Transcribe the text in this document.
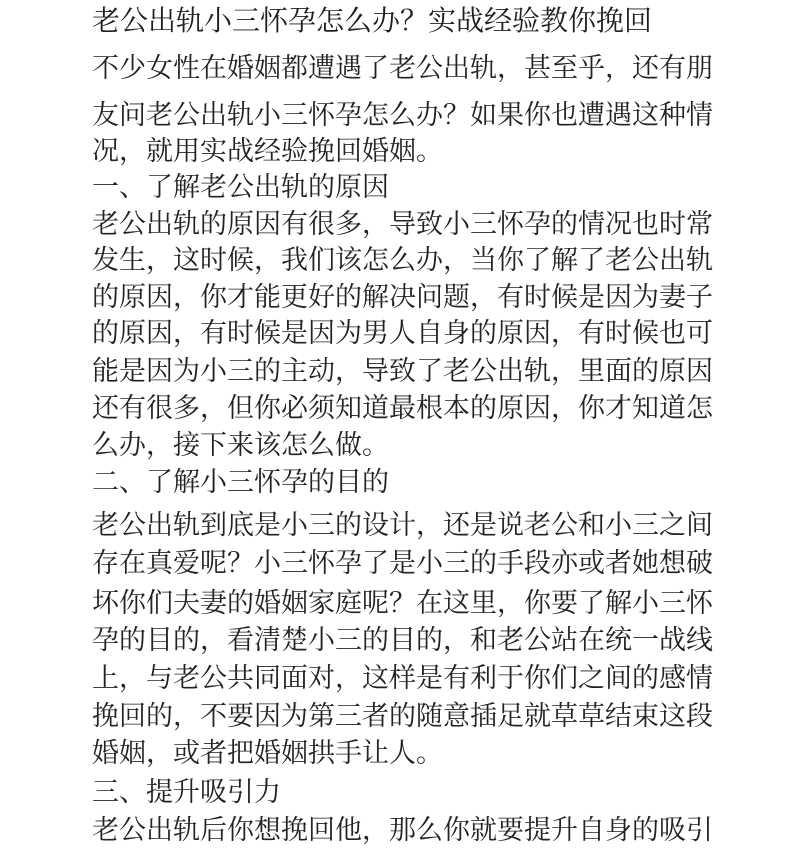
老公出轨小三怀孕怎么办？实战经验教你挽回
不少女性在婚姻都遭遇了老公出轨，甚至乎，还有朋
友问老公出轨小三怀孕怎么办？如果你也遭遇这种情
况，就用实战经验挽回婚姻。
一、了解老公出轨的原因
老公出轨的原因有很多，导致小三怀孕的情况也时常
发生，这时候，我们该怎么办，当你了解了老公出轨
的原因，你才能更好的解决问题，有时候是因为妻子
的原因，有时候是因为男人自身的原因，有时候也可
能是因为小三的主动，导致了老公出轨，里面的原因
还有很多，但你必须知道最根本的原因，你才知道怎
么办，接下来该怎么做。
二、了解小三怀孕的目的
老公出轨到底是小三的设计，还是说老公和小三之间
存在真爱呢？小三怀孕了是小三的手段亦或者她想破
坏你们夫妻的婚姻家庭呢？在这里，你要了解小三怀
孕的目的，看清楚小三的目的，和老公站在统一战线
上，与老公共同面对，这样是有利于你们之间的感情
挽回的，不要因为第三者的随意插足就草草结束这段
婚姻，或者把婚姻拱手让人。
三、提升吸引力
老公出轨后你想挽回他，那么你就要提升自身的吸引
